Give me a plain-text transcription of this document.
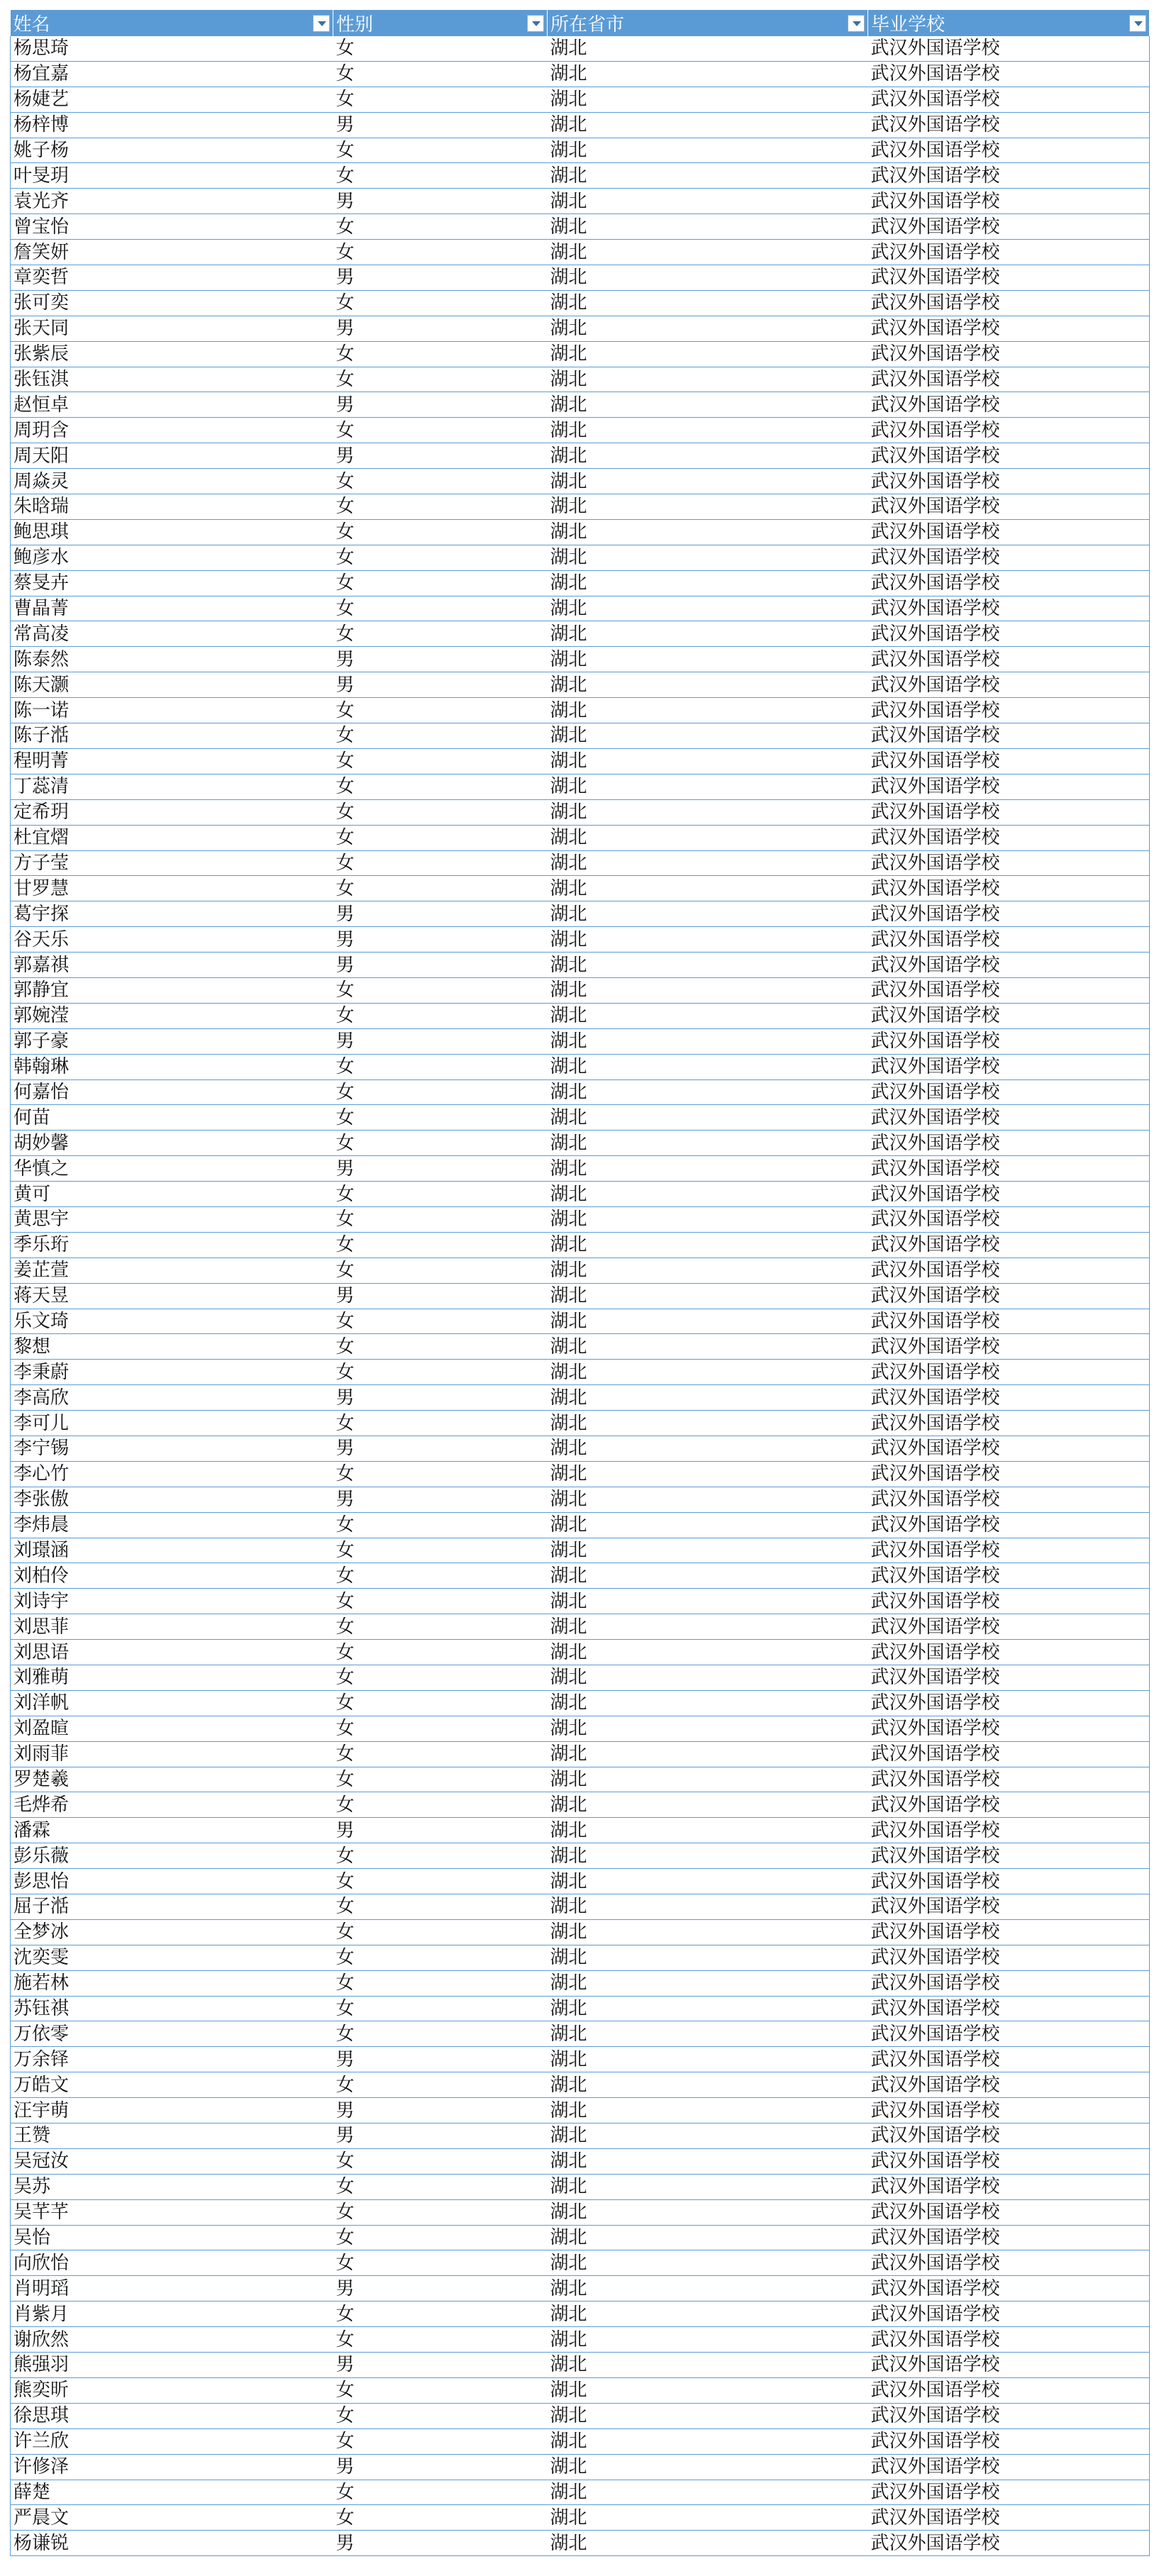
姓名	性别	所在省市	毕业学校

杨思琦	女	湖北	武汉外国语学校
杨宜嘉	女	湖北	武汉外国语学校
杨婕艺	女	湖北	武汉外国语学校
杨梓博	男	湖北	武汉外国语学校
姚子杨	女	湖北	武汉外国语学校
叶旻玥	女	湖北	武汉外国语学校
袁光齐	男	湖北	武汉外国语学校
曾宝怡	女	湖北	武汉外国语学校
詹笑妍	女	湖北	武汉外国语学校
章奕哲	男	湖北	武汉外国语学校
张可奕	女	湖北	武汉外国语学校
张天同	男	湖北	武汉外国语学校
张紫辰	女	湖北	武汉外国语学校
张钰淇	女	湖北	武汉外国语学校
赵恒卓	男	湖北	武汉外国语学校
周玥含	女	湖北	武汉外国语学校
周天阳	男	湖北	武汉外国语学校
周焱灵	女	湖北	武汉外国语学校
朱晗瑞	女	湖北	武汉外国语学校
鲍思琪	女	湖北	武汉外国语学校
鲍彦水	女	湖北	武汉外国语学校
蔡旻卉	女	湖北	武汉外国语学校
曹晶菁	女	湖北	武汉外国语学校
常高凌	女	湖北	武汉外国语学校
陈泰然	男	湖北	武汉外国语学校
陈天灏	男	湖北	武汉外国语学校
陈一诺	女	湖北	武汉外国语学校
陈子湉	女	湖北	武汉外国语学校
程明菁	女	湖北	武汉外国语学校
丁蕊清	女	湖北	武汉外国语学校
定希玥	女	湖北	武汉外国语学校
杜宜熠	女	湖北	武汉外国语学校
方子莹	女	湖北	武汉外国语学校
甘罗慧	女	湖北	武汉外国语学校
葛宇探	男	湖北	武汉外国语学校
谷天乐	男	湖北	武汉外国语学校
郭嘉祺	男	湖北	武汉外国语学校
郭静宜	女	湖北	武汉外国语学校
郭婉滢	女	湖北	武汉外国语学校
郭子豪	男	湖北	武汉外国语学校
韩翰琳	女	湖北	武汉外国语学校
何嘉怡	女	湖北	武汉外国语学校
何苗	女	湖北	武汉外国语学校
胡妙馨	女	湖北	武汉外国语学校
华慎之	男	湖北	武汉外国语学校
黄可	女	湖北	武汉外国语学校
黄思宇	女	湖北	武汉外国语学校
季乐珩	女	湖北	武汉外国语学校
姜芷萱	女	湖北	武汉外国语学校
蒋天昱	男	湖北	武汉外国语学校
乐文琦	女	湖北	武汉外国语学校
黎想	女	湖北	武汉外国语学校
李秉蔚	女	湖北	武汉外国语学校
李高欣	男	湖北	武汉外国语学校
李可儿	女	湖北	武汉外国语学校
李宁锡	男	湖北	武汉外国语学校
李心竹	女	湖北	武汉外国语学校
李张傲	男	湖北	武汉外国语学校
李炜晨	女	湖北	武汉外国语学校
刘璟涵	女	湖北	武汉外国语学校
刘柏伶	女	湖北	武汉外国语学校
刘诗宇	女	湖北	武汉外国语学校
刘思菲	女	湖北	武汉外国语学校
刘思语	女	湖北	武汉外国语学校
刘雅萌	女	湖北	武汉外国语学校
刘洋帆	女	湖北	武汉外国语学校
刘盈暄	女	湖北	武汉外国语学校
刘雨菲	女	湖北	武汉外国语学校
罗楚羲	女	湖北	武汉外国语学校
毛烨希	女	湖北	武汉外国语学校
潘霖	男	湖北	武汉外国语学校
彭乐薇	女	湖北	武汉外国语学校
彭思怡	女	湖北	武汉外国语学校
屈子湉	女	湖北	武汉外国语学校
全梦冰	女	湖北	武汉外国语学校
沈奕雯	女	湖北	武汉外国语学校
施若林	女	湖北	武汉外国语学校
苏钰祺	女	湖北	武汉外国语学校
万依零	女	湖北	武汉外国语学校
万余铎	男	湖北	武汉外国语学校
万皓文	女	湖北	武汉外国语学校
汪宇萌	男	湖北	武汉外国语学校
王赞	男	湖北	武汉外国语学校
吴冠汝	女	湖北	武汉外国语学校
吴苏	女	湖北	武汉外国语学校
吴芊芊	女	湖北	武汉外国语学校
吴怡	女	湖北	武汉外国语学校
向欣怡	女	湖北	武汉外国语学校
肖明瑫	男	湖北	武汉外国语学校
肖紫月	女	湖北	武汉外国语学校
谢欣然	女	湖北	武汉外国语学校
熊强羽	男	湖北	武汉外国语学校
熊奕昕	女	湖北	武汉外国语学校
徐思琪	女	湖北	武汉外国语学校
许兰欣	女	湖北	武汉外国语学校
许修泽	男	湖北	武汉外国语学校
薛楚	女	湖北	武汉外国语学校
严晨文	女	湖北	武汉外国语学校
杨谦锐	男	湖北	武汉外国语学校
